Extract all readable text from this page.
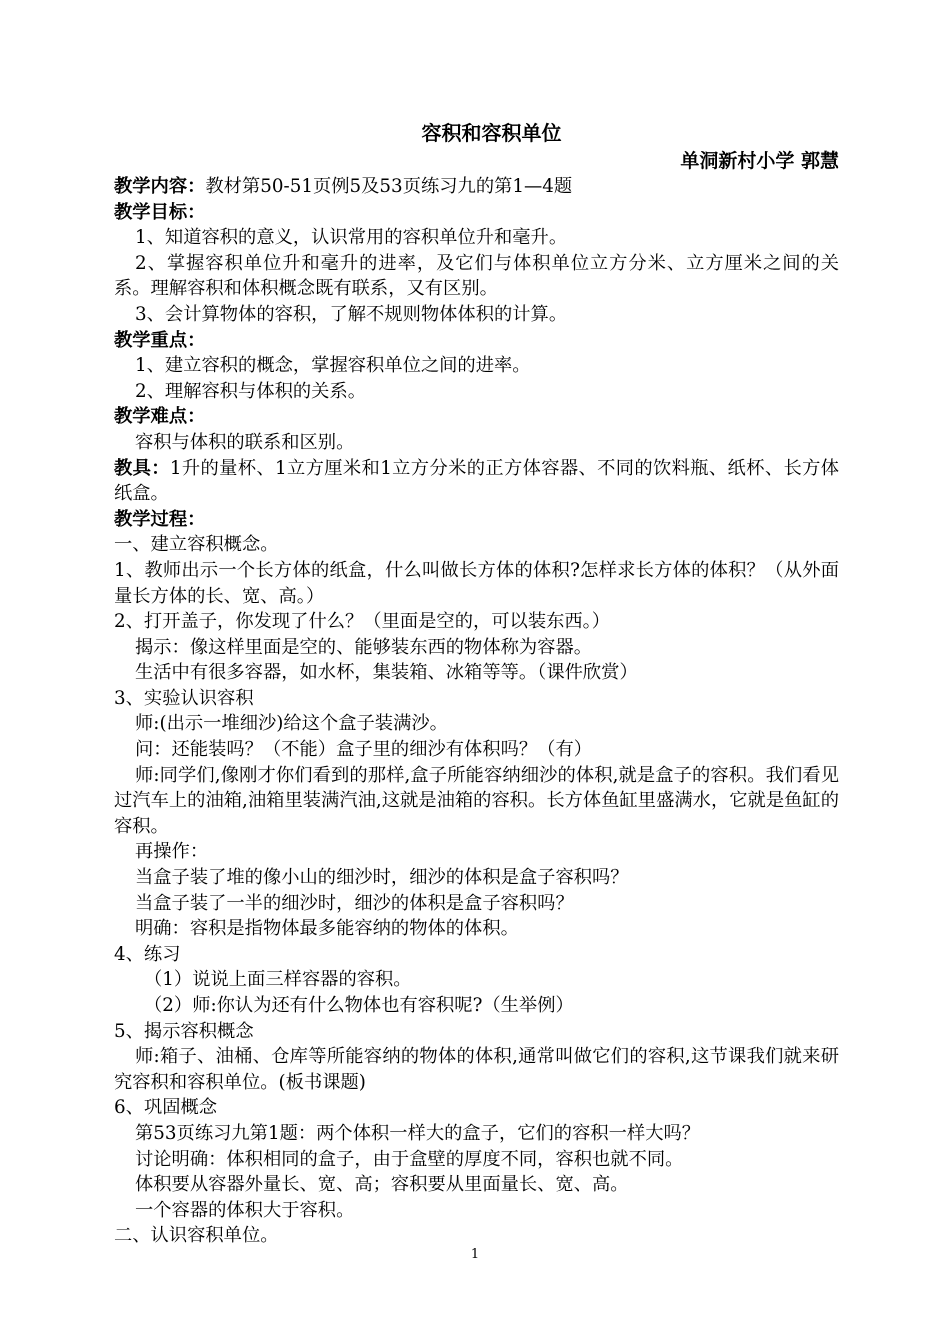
容积和容积单位

单洞新村小学 郭慧

教学内容：教材第50-51页例5及53页练习九的第1—4题

教学目标：

1、知道容积的意义，认识常用的容积单位升和毫升。

2、掌握容积单位升和毫升的进率，及它们与体积单位立方分米、立方厘米之间的关系。理解容积和体积概念既有联系，又有区别。

3、会计算物体的容积，了解不规则物体体积的计算。

教学重点：

1、建立容积的概念，掌握容积单位之间的进率。

2、理解容积与体积的关系。

教学难点：

容积与体积的联系和区别。

教具：1升的量杯、1立方厘米和1立方分米的正方体容器、不同的饮料瓶、纸杯、长方体纸盒。

教学过程：

一、建立容积概念。

1、教师出示一个长方体的纸盒，什么叫做长方体的体积?怎样求长方体的体积？（从外面量长方体的长、宽、高。）

2、打开盖子，你发现了什么？（里面是空的，可以装东西。）

揭示：像这样里面是空的、能够装东西的物体称为容器。

生活中有很多容器，如水杯，集装箱、冰箱等等。（课件欣赏）

3、实验认识容积

师:(出示一堆细沙)给这个盒子装满沙。

问：还能装吗？（不能）盒子里的细沙有体积吗？（有）

师:同学们,像刚才你们看到的那样,盒子所能容纳细沙的体积,就是盒子的容积。我们看见过汽车上的油箱,油箱里装满汽油,这就是油箱的容积。长方体鱼缸里盛满水，它就是鱼缸的容积。

再操作：

当盒子装了堆的像小山的细沙时，细沙的体积是盒子容积吗？

当盒子装了一半的细沙时，细沙的体积是盒子容积吗？

明确：容积是指物体最多能容纳的物体的体积。

4、练习

（1）说说上面三样容器的容积。

（2）师:你认为还有什么物体也有容积呢?（生举例）

5、揭示容积概念

师:箱子、油桶、仓库等所能容纳的物体的体积,通常叫做它们的容积,这节课我们就来研究容积和容积单位。(板书课题)

6、巩固概念

第53页练习九第1题：两个体积一样大的盒子，它们的容积一样大吗？

讨论明确：体积相同的盒子，由于盒壁的厚度不同，容积也就不同。

体积要从容器外量长、宽、高；容积要从里面量长、宽、高。

一个容器的体积大于容积。

二、认识容积单位。

1
